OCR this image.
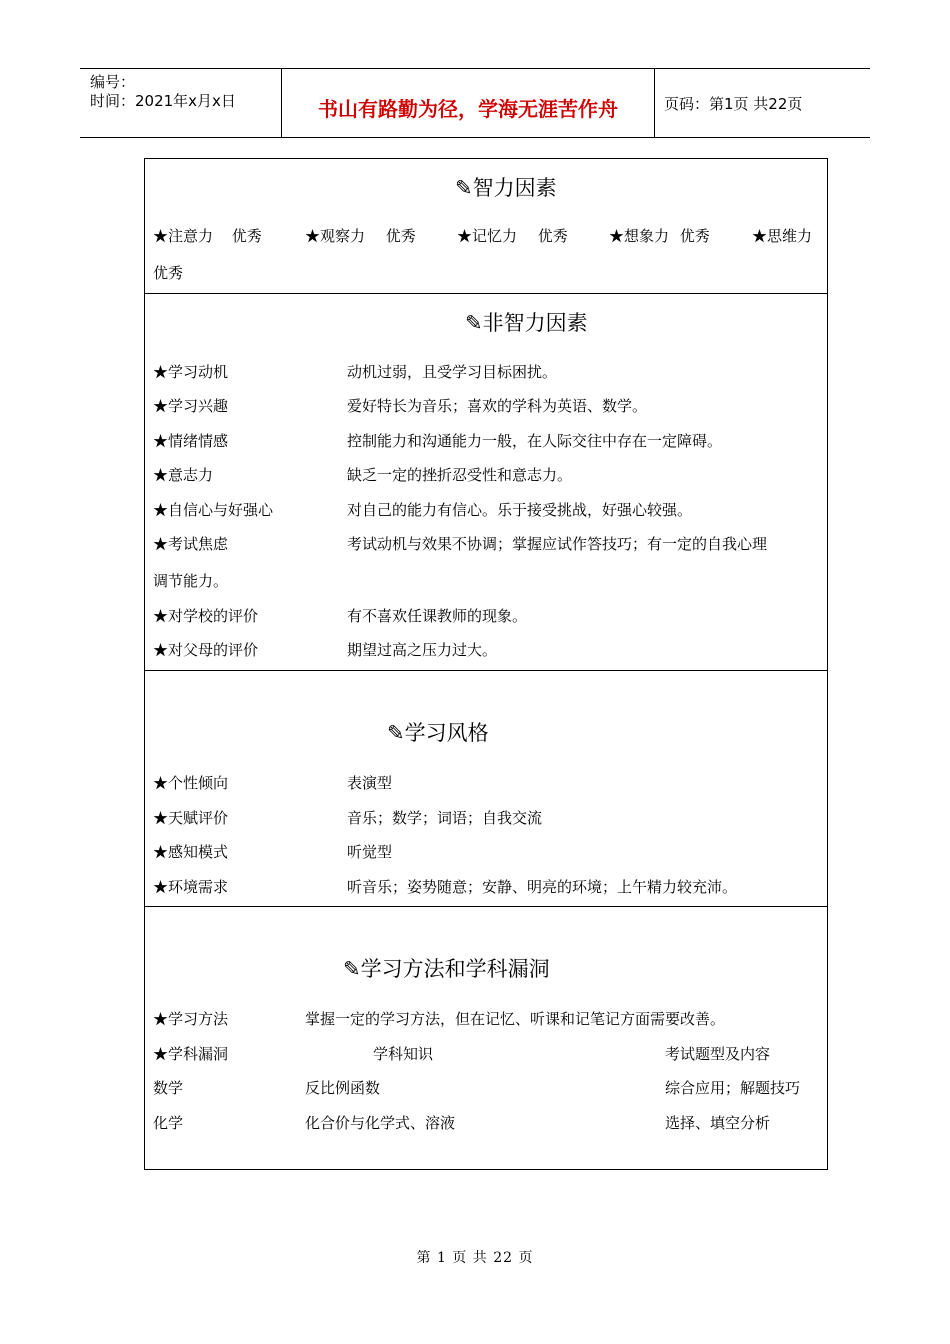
编号：
时间：2021年x月x日	书山有路勤为径，学海无涯苦作舟	页码：第1页 共22页
✎智力因素
★注意力 优秀	★观察力 优秀	★记忆力 优秀	★想象力 优秀	★思维力
优秀
✎非智力因素
★学习动机	动机过弱，且受学习目标困扰。
★学习兴趣	爱好特长为音乐；喜欢的学科为英语、数学。
★情绪情感	控制能力和沟通能力一般，在人际交往中存在一定障碍。
★意志力	缺乏一定的挫折忍受性和意志力。
★自信心与好强心	对自己的能力有信心。乐于接受挑战，好强心较强。
★考试焦虑	考试动机与效果不协调；掌握应试作答技巧；有一定的自我心理
调节能力。
★对学校的评价	有不喜欢任课教师的现象。
★对父母的评价	期望过高之压力过大。
✎学习风格
★个性倾向	表演型
★天赋评价	音乐；数学；词语；自我交流
★感知模式	听觉型
★环境需求	听音乐；姿势随意；安静、明亮的环境；上午精力较充沛。
✎学习方法和学科漏洞
★学习方法	掌握一定的学习方法，但在记忆、听课和记笔记方面需要改善。
★学科漏洞	学科知识	考试题型及内容
数学	反比例函数	综合应用；解题技巧
化学	化合价与化学式、溶液	选择、填空分析
第 1 页 共 22 页
